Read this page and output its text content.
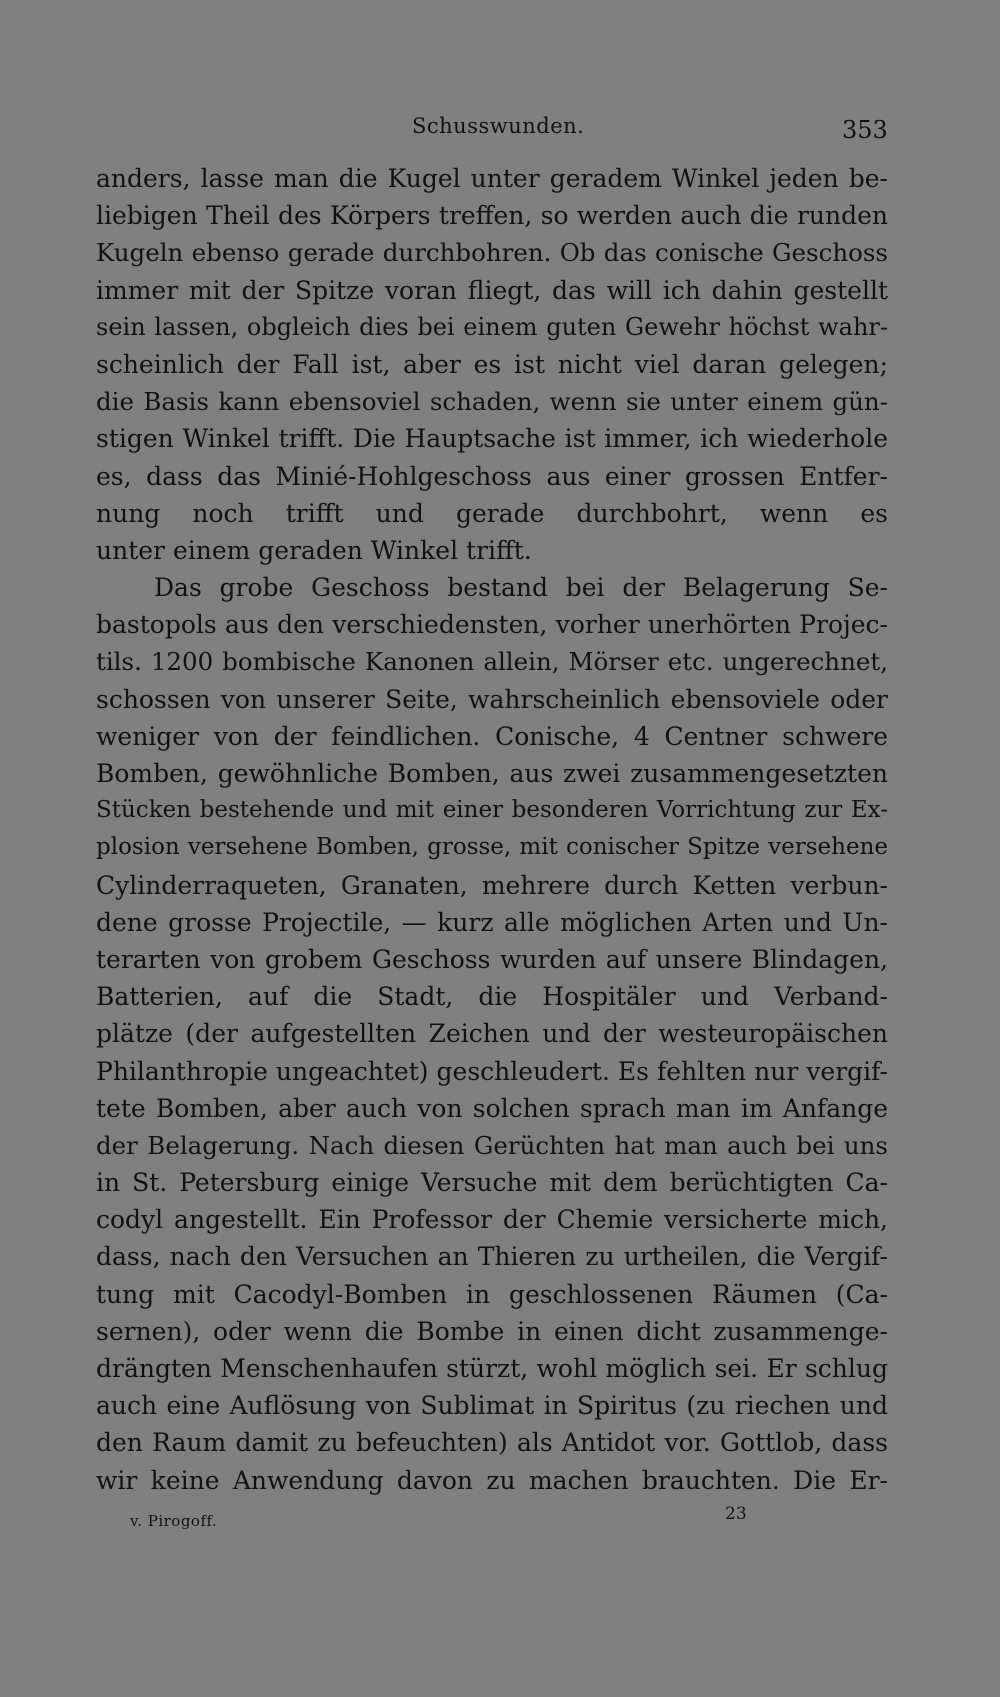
Schusswunden.	353
anders, lasse man die Kugel unter geradem Winkel jeden be-
liebigen Theil des Körpers treffen, so werden auch die runden
Kugeln ebenso gerade durchbohren. Ob das conische Geschoss
immer mit der Spitze voran fliegt, das will ich dahin gestellt
sein lassen, obgleich dies bei einem guten Gewehr höchst wahr-
scheinlich der Fall ist, aber es ist nicht viel daran gelegen;
die Basis kann ebensoviel schaden, wenn sie unter einem gün-
stigen Winkel trifft. Die Hauptsache ist immer, ich wiederhole
es, dass das Minié-Hohlgeschoss aus einer grossen Entfer-
nung noch trifft und gerade durchbohrt, wenn es
unter einem geraden Winkel trifft.
Das grobe Geschoss bestand bei der Belagerung Se-
bastopols aus den verschiedensten, vorher unerhörten Projec-
tils. 1200 bombische Kanonen allein, Mörser etc. ungerechnet,
schossen von unserer Seite, wahrscheinlich ebensoviele oder
weniger von der feindlichen. Conische, 4 Centner schwere
Bomben, gewöhnliche Bomben, aus zwei zusammengesetzten
Stücken bestehende und mit einer besonderen Vorrichtung zur Ex-
plosion versehene Bomben, grosse, mit conischer Spitze versehene
Cylinderraqueten, Granaten, mehrere durch Ketten verbun-
dene grosse Projectile, — kurz alle möglichen Arten und Un-
terarten von grobem Geschoss wurden auf unsere Blindagen,
Batterien, auf die Stadt, die Hospitäler und Verband-
plätze (der aufgestellten Zeichen und der westeuropäischen
Philanthropie ungeachtet) geschleudert. Es fehlten nur vergif-
tete Bomben, aber auch von solchen sprach man im Anfange
der Belagerung. Nach diesen Gerüchten hat man auch bei uns
in St. Petersburg einige Versuche mit dem berüchtigten Ca-
codyl angestellt. Ein Professor der Chemie versicherte mich,
dass, nach den Versuchen an Thieren zu urtheilen, die Vergif-
tung mit Cacodyl-Bomben in geschlossenen Räumen (Ca-
sernen), oder wenn die Bombe in einen dicht zusammenge-
drängten Menschenhaufen stürzt, wohl möglich sei. Er schlug
auch eine Auflösung von Sublimat in Spiritus (zu riechen und
den Raum damit zu befeuchten) als Antidot vor. Gottlob, dass
wir keine Anwendung davon zu machen brauchten. Die Er-
v. Pirogoff.	23
